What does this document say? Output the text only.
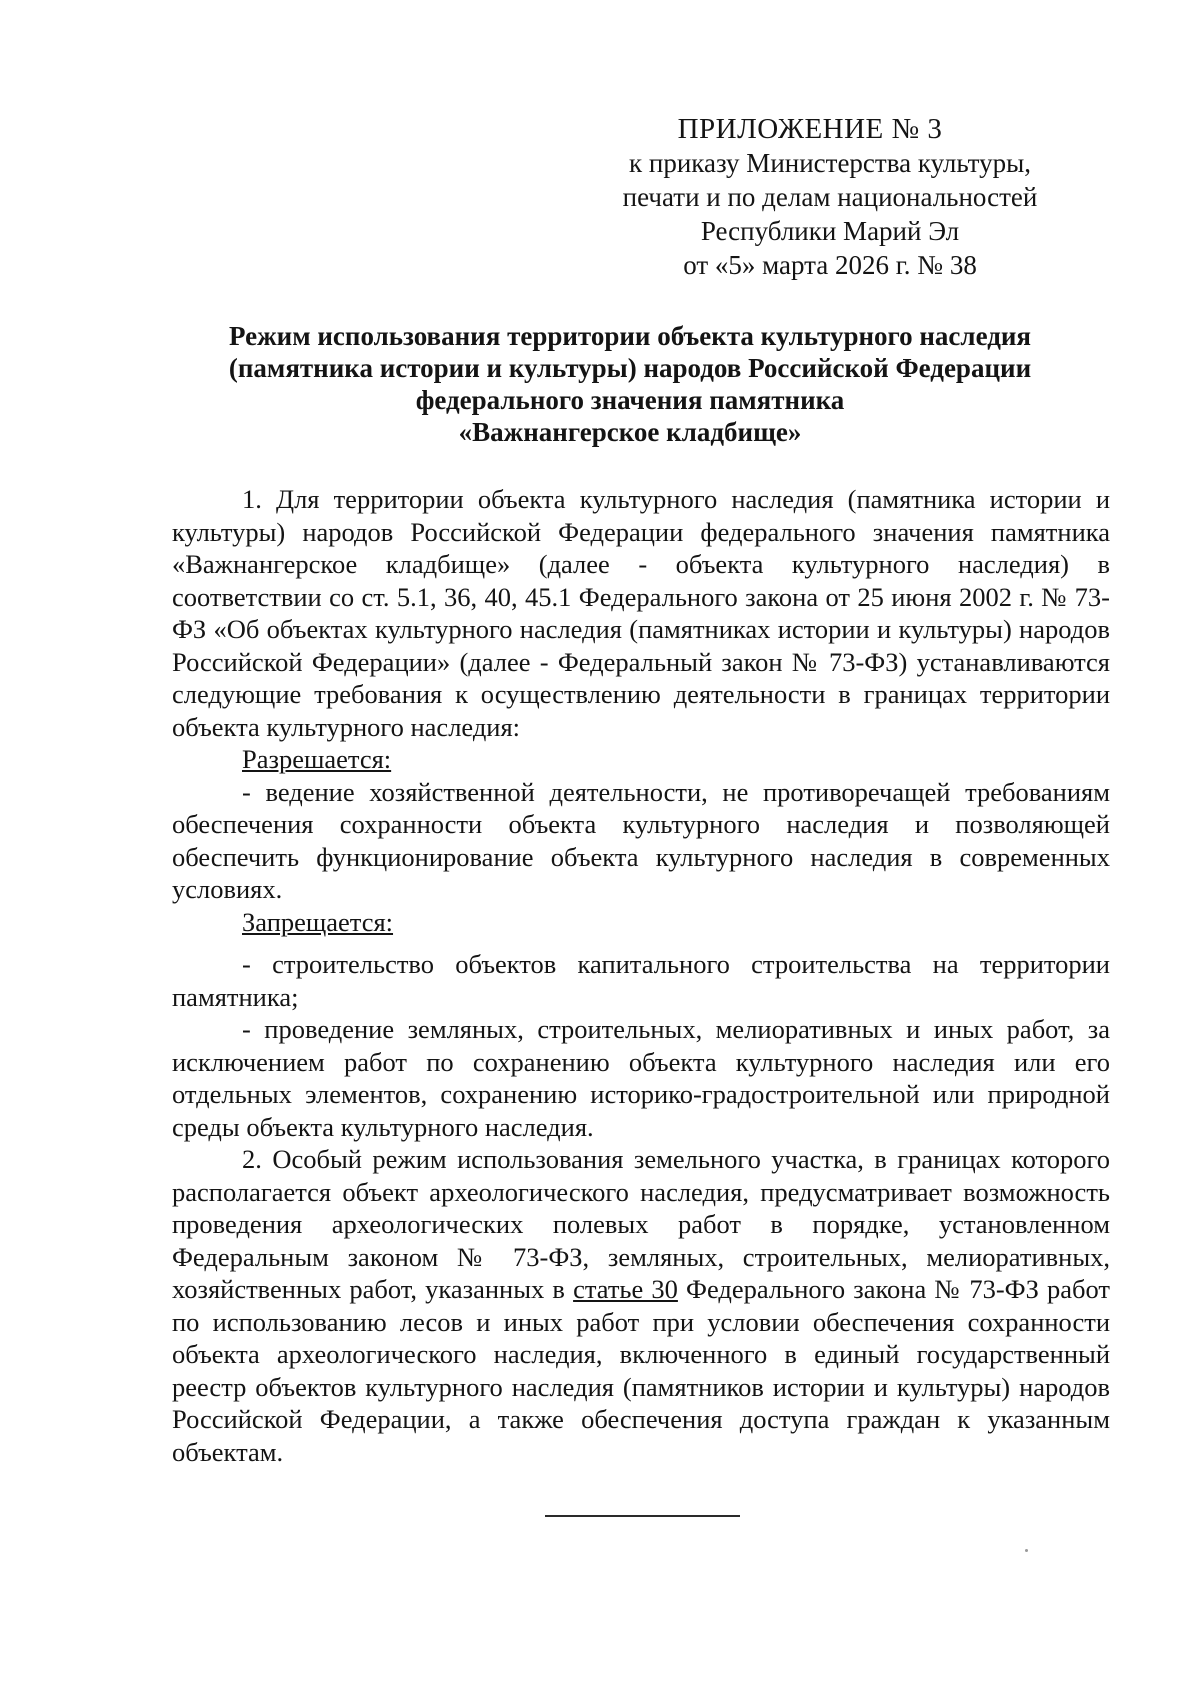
ПРИЛОЖЕНИЕ № 3
к приказу Министерства культуры,
печати и по делам национальностей
Республики Марий Эл
от «5» марта 2026 г. № 38
Режим использования территории объекта культурного наследия
(памятника истории и культуры) народов Российской Федерации
федерального значения памятника
«Важнангерское кладбище»

1. Для территории объекта культурного наследия (памятника истории и культуры) народов Российской Федерации федерального значения памятника «Важнангерское кладбище» (далее - объекта культурного наследия) в соответствии со ст. 5.1, 36, 40, 45.1 Федерального закона от 25 июня 2002 г. № 73-ФЗ «Об объектах культурного наследия (памятниках истории и культуры) народов Российской Федерации» (далее - Федеральный закон № 73-ФЗ) устанавливаются следующие требования к осуществлению деятельности в границах территории объекта культурного наследия:

Разрешается:

- ведение хозяйственной деятельности, не противоречащей требованиям обеспечения сохранности объекта культурного наследия и позволяющей обеспечить функционирование объекта культурного наследия в современных условиях.

Запрещается:

- строительство объектов капитального строительства на территории памятника;

- проведение земляных, строительных, мелиоративных и иных работ, за исключением работ по сохранению объекта культурного наследия или его отдельных элементов, сохранению историко-градостроительной или природной среды объекта культурного наследия.

2. Особый режим использования земельного участка, в границах которого располагается объект археологического наследия, предусматривает возможность проведения археологических полевых работ в порядке, установленном Федеральным законом № 73-ФЗ, земляных, строительных, мелиоративных, хозяйственных работ, указанных в статье 30 Федерального закона № 73-ФЗ работ по использованию лесов и иных работ при условии обеспечения сохранности объекта археологического наследия, включенного в единый государственный реестр объектов культурного наследия (памятников истории и культуры) народов Российской Федерации, а также обеспечения доступа граждан к указанным объектам.
